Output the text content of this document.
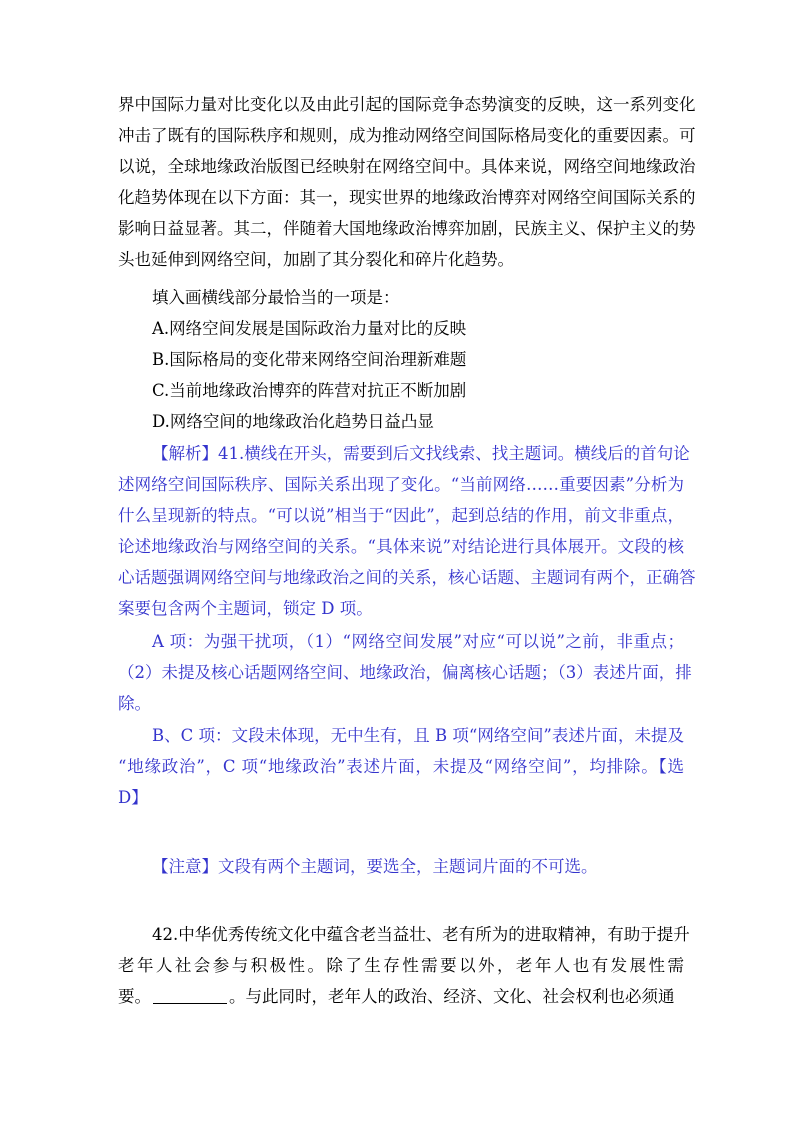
界中国际力量对比变化以及由此引起的国际竞争态势演变的反映，这一系列变化
冲击了既有的国际秩序和规则，成为推动网络空间国际格局变化的重要因素。可
以说，全球地缘政治版图已经映射在网络空间中。具体来说，网络空间地缘政治
化趋势体现在以下方面：其一，现实世界的地缘政治博弈对网络空间国际关系的
影响日益显著。其二，伴随着大国地缘政治博弈加剧，民族主义、保护主义的势
头也延伸到网络空间，加剧了其分裂化和碎片化趋势。
填入画横线部分最恰当的一项是：
A.网络空间发展是国际政治力量对比的反映
B.国际格局的变化带来网络空间治理新难题
C.当前地缘政治博弈的阵营对抗正不断加剧
D.网络空间的地缘政治化趋势日益凸显
【解析】41.横线在开头，需要到后文找线索、找主题词。横线后的首句论
述网络空间国际秩序、国际关系出现了变化。“当前网络……重要因素”分析为
什么呈现新的特点。“可以说”相当于“因此”，起到总结的作用，前文非重点，
论述地缘政治与网络空间的关系。“具体来说”对结论进行具体展开。文段的核
心话题强调网络空间与地缘政治之间的关系，核心话题、主题词有两个，正确答
案要包含两个主题词，锁定 D 项。
A 项：为强干扰项，（1）“网络空间发展”对应“可以说”之前，非重点；
（2）未提及核心话题网络空间、地缘政治，偏离核心话题；（3）表述片面，排
除。
B、C 项：文段未体现，无中生有，且 B 项“网络空间”表述片面，未提及
“地缘政治”，C 项“地缘政治”表述片面，未提及“网络空间”，均排除。【选
D】
【注意】文段有两个主题词，要选全，主题词片面的不可选。
42.中华优秀传统文化中蕴含老当益壮、老有所为的进取精神，有助于提升
老年人社会参与积极性。除了生存性需要以外，老年人也有发展性需
要。	。与此同时，老年人的政治、经济、文化、社会权利也必须通
